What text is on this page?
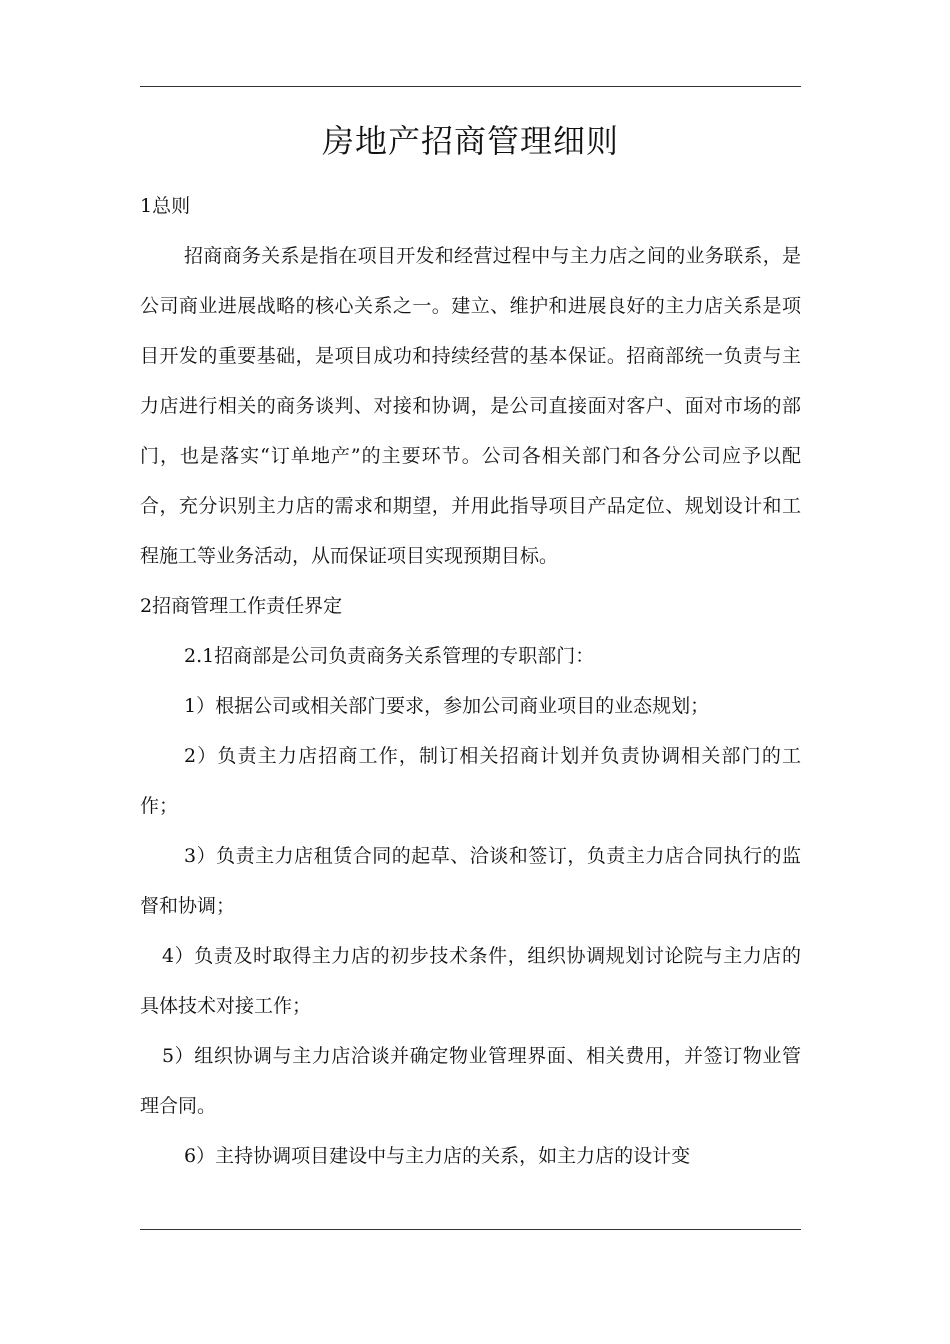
房地产招商管理细则

1总则

招商商务关系是指在项目开发和经营过程中与主力店之间的业务联系，是公司商业进展战略的核心关系之一。建立、维护和进展良好的主力店关系是项目开发的重要基础，是项目成功和持续经营的基本保证。招商部统一负责与主力店进行相关的商务谈判、对接和协调，是公司直接面对客户、面对市场的部门，也是落实“订单地产”的主要环节。公司各相关部门和各分公司应予以配合，充分识别主力店的需求和期望，并用此指导项目产品定位、规划设计和工程施工等业务活动，从而保证项目实现预期目标。

2招商管理工作责任界定

2.1招商部是公司负责商务关系管理的专职部门：

1）根据公司或相关部门要求，参加公司商业项目的业态规划；

2）负责主力店招商工作，制订相关招商计划并负责协调相关部门的工作；

3）负责主力店租赁合同的起草、洽谈和签订，负责主力店合同执行的监督和协调；

4）负责及时取得主力店的初步技术条件，组织协调规划讨论院与主力店的具体技术对接工作；

5）组织协调与主力店洽谈并确定物业管理界面、相关费用，并签订物业管理合同。

6）主持协调项目建设中与主力店的关系，如主力店的设计变
